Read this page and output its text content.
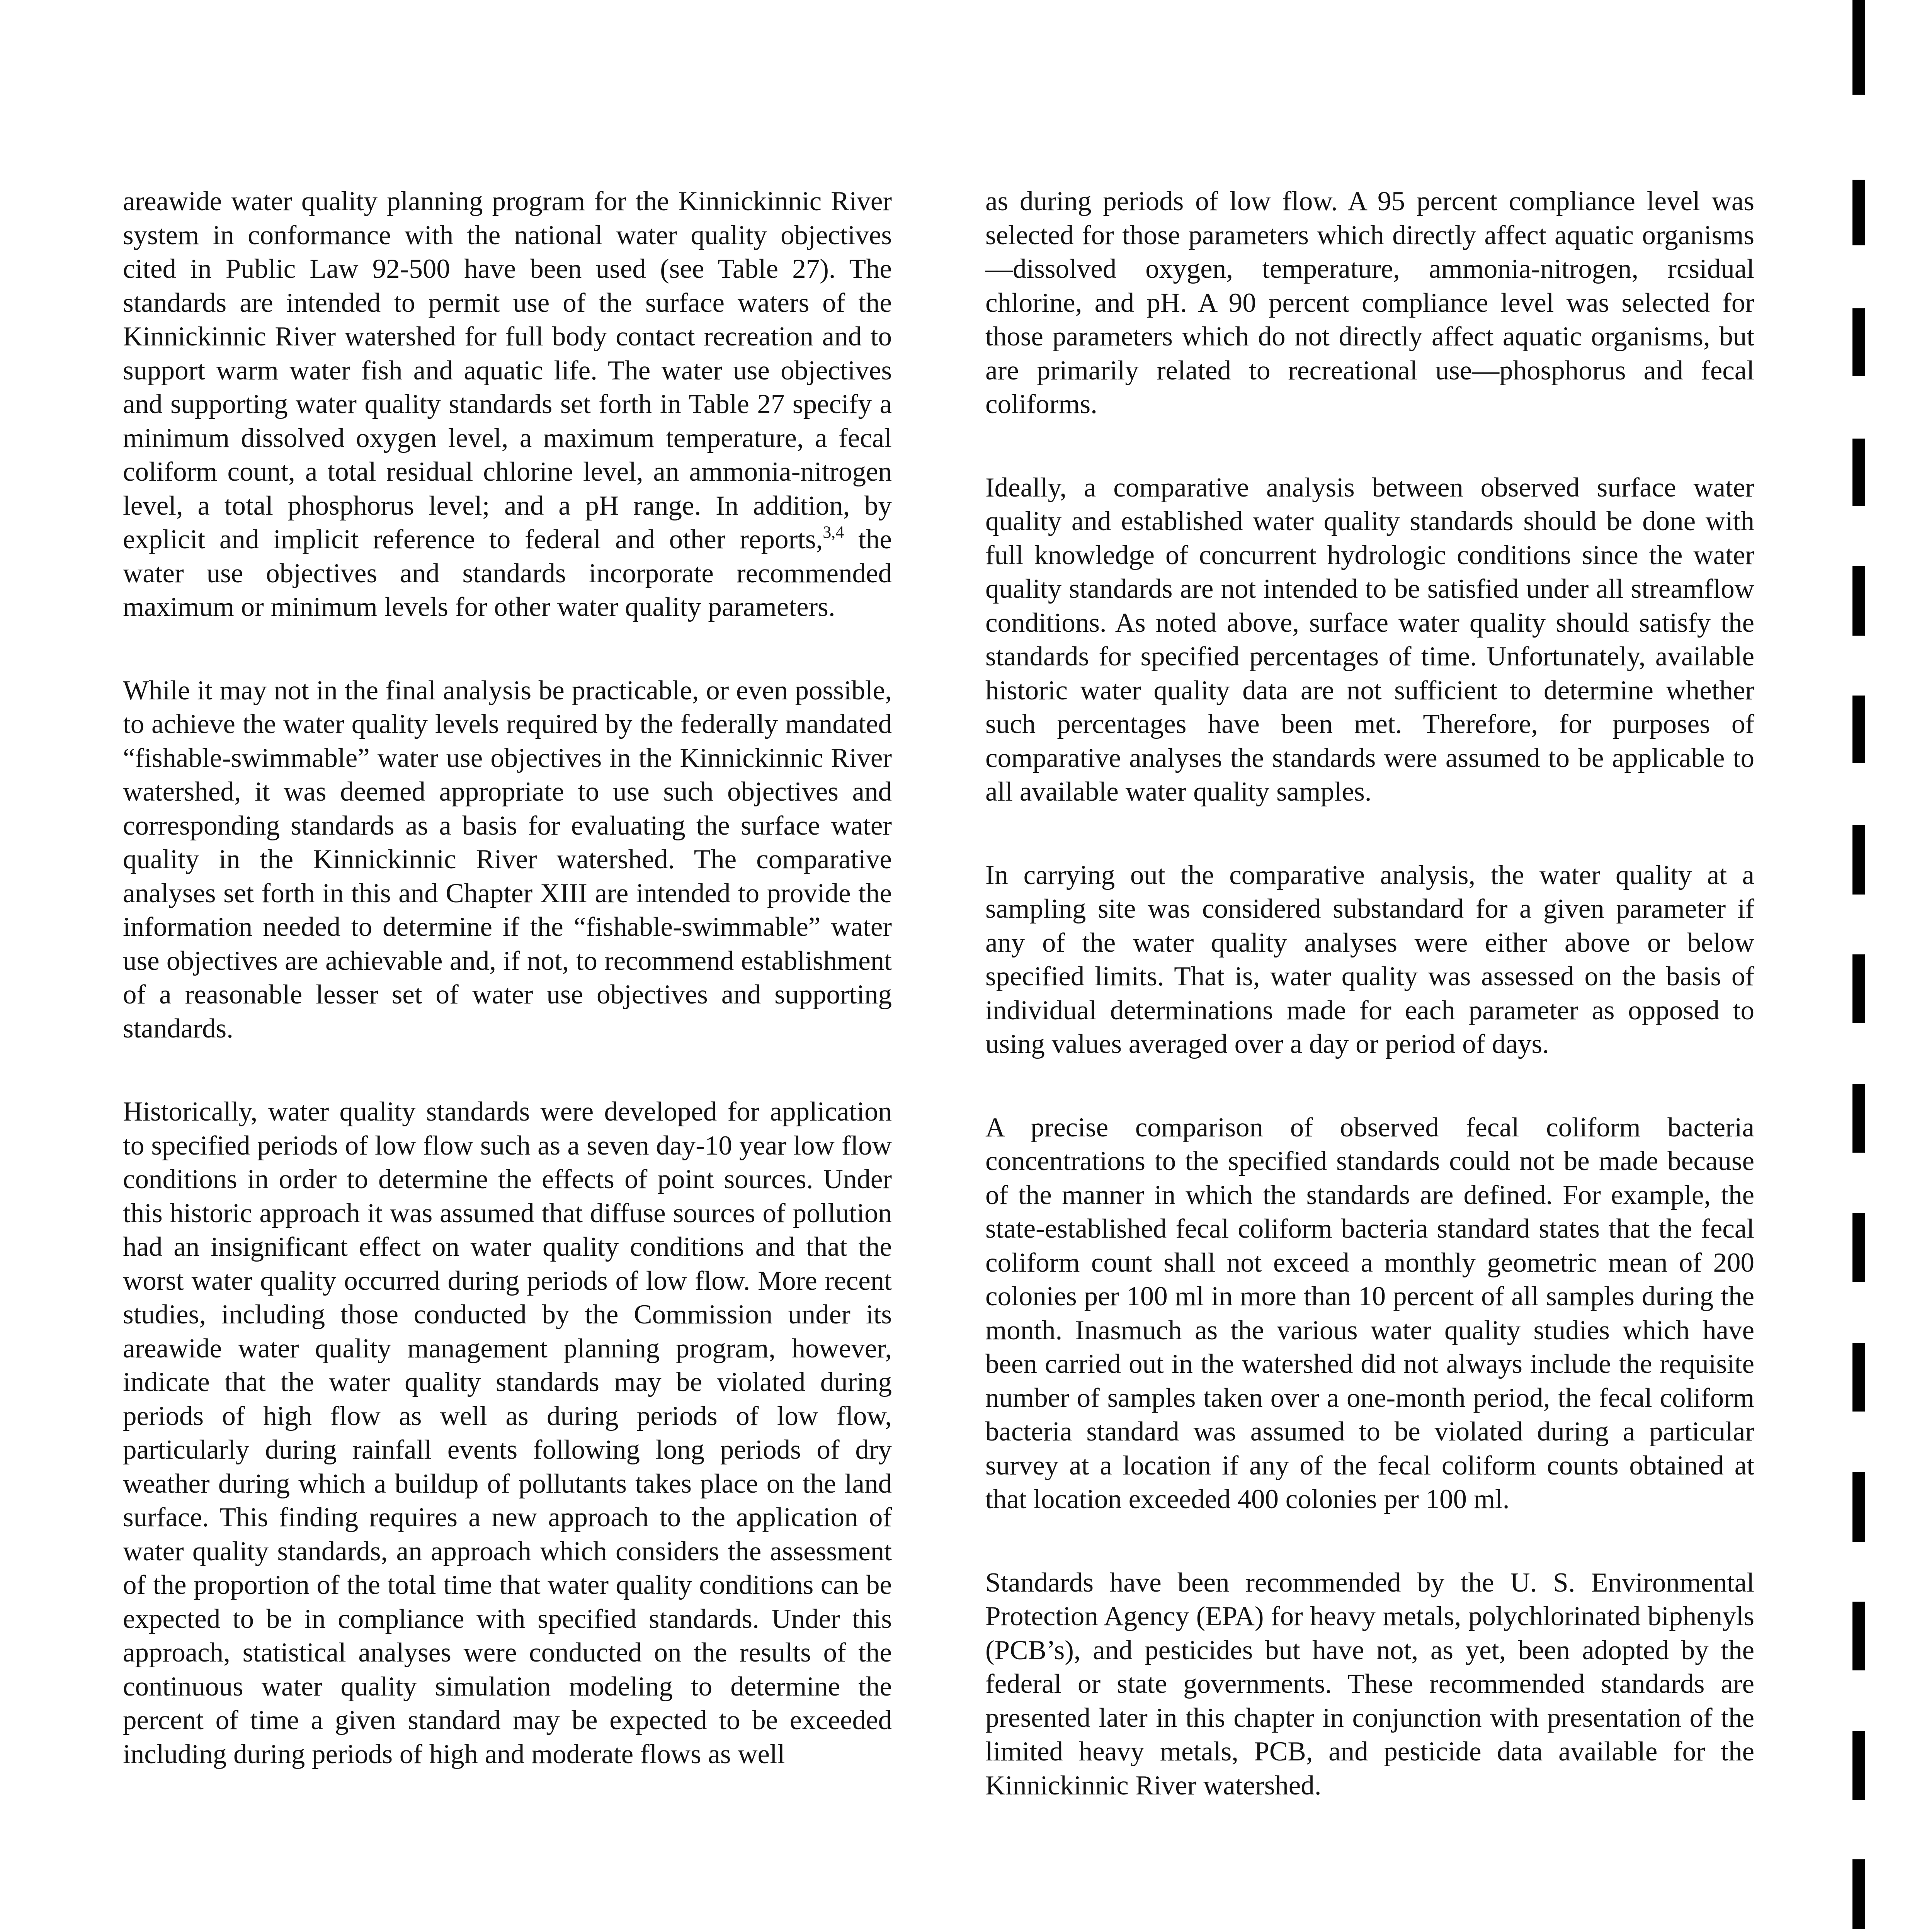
areawide water quality planning program for the Kinnickinnic River system in conformance with the national water quality objectives cited in Public Law 92-500 have been used (see Table 27). The standards are intended to permit use of the surface waters of the Kinnickinnic River watershed for full body contact recreation and to support warm water fish and aquatic life. The water use objectives and supporting water quality standards set forth in Table 27 specify a minimum dissolved oxygen level, a maximum temperature, a fecal coliform count, a total residual chlorine level, an ammonia-nitrogen level, a total phosphorus level; and a pH range. In addition, by explicit and implicit reference to federal and other reports,$^{3,4}$ the water use objectives and standards incorporate recommended maximum or minimum levels for other water quality parameters.

While it may not in the final analysis be practicable, or even possible, to achieve the water quality levels required by the federally mandated “fishable-swimmable” water use objectives in the Kinnickinnic River watershed, it was deemed appropriate to use such objectives and corresponding standards as a basis for evaluating the surface water quality in the Kinnickinnic River watershed. The comparative analyses set forth in this and Chapter XIII are intended to provide the information needed to determine if the “fishable-swimmable” water use objectives are achievable and, if not, to recommend establishment of a reasonable lesser set of water use objectives and supporting standards.

Historically, water quality standards were developed for application to specified periods of low flow such as a seven day-10 year low flow conditions in order to determine the effects of point sources. Under this historic approach it was assumed that diffuse sources of pollution had an insignificant effect on water quality conditions and that the worst water quality occurred during periods of low flow. More recent studies, including those conducted by the Commission under its areawide water quality management planning program, however, indicate that the water quality standards may be violated during periods of high flow as well as during periods of low flow, particularly during rainfall events following long periods of dry weather during which a buildup of pollutants takes place on the land surface. This finding requires a new approach to the application of water quality standards, an approach which considers the assessment of the proportion of the total time that water quality conditions can be expected to be in compliance with specified standards. Under this approach, statistical analyses were conducted on the results of the continuous water quality simulation modeling to determine the percent of time a given standard may be expected to be exceeded including during periods of high and moderate flows as well

as during periods of low flow. A 95 percent compliance level was selected for those parameters which directly affect aquatic organisms—dissolved oxygen, temperature, ammonia-nitrogen, rcsidual chlorine, and pH. A 90 percent compliance level was selected for those parameters which do not directly affect aquatic organisms, but are primarily related to recreational use—phosphorus and fecal coliforms.

Ideally, a comparative analysis between observed surface water quality and established water quality standards should be done with full knowledge of concurrent hydrologic conditions since the water quality standards are not intended to be satisfied under all streamflow conditions. As noted above, surface water quality should satisfy the standards for specified percentages of time. Unfortunately, available historic water quality data are not sufficient to determine whether such percentages have been met. Therefore, for purposes of comparative analyses the standards were assumed to be applicable to all available water quality samples.

In carrying out the comparative analysis, the water quality at a sampling site was considered substandard for a given parameter if any of the water quality analyses were either above or below specified limits. That is, water quality was assessed on the basis of individual determinations made for each parameter as opposed to using values averaged over a day or period of days.

A precise comparison of observed fecal coliform bacteria concentrations to the specified standards could not be made because of the manner in which the standards are defined. For example, the state-established fecal coliform bacteria standard states that the fecal coliform count shall not exceed a monthly geometric mean of 200 colonies per 100 ml in more than 10 percent of all samples during the month. Inasmuch as the various water quality studies which have been carried out in the watershed did not always include the requisite number of samples taken over a one-month period, the fecal coliform bacteria standard was assumed to be violated during a particular survey at a location if any of the fecal coliform counts obtained at that location exceeded 400 colonies per 100 ml.

Standards have been recommended by the U. S. Environmental Protection Agency (EPA) for heavy metals, polychlorinated biphenyls (PCB’s), and pesticides but have not, as yet, been adopted by the federal or state governments. These recommended standards are presented later in this chapter in conjunction with presentation of the limited heavy metals, PCB, and pesticide data available for the Kinnickinnic River watershed.
